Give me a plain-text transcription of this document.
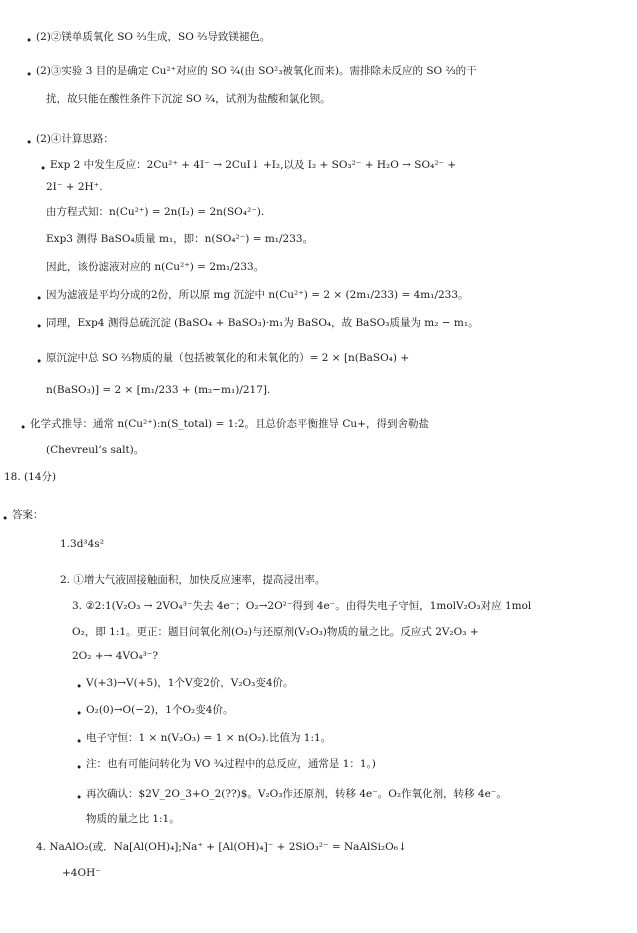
• (2)②镁单质氧化 SO ⅔生成，SO ⅔导致镁褪色。
• (2)③实验 3 目的是确定 Cu²⁺对应的 SO ²⁄₄(由 SO²₃被氧化而来)。需排除未反应的 SO ⅔的干
扰，故只能在酸性条件下沉淀 SO ²⁄₄，试剂为盐酸和氯化钡。
• (2)④计算思路：
• Exp 2 中发生反应：2Cu²⁺ + 4I⁻ → 2CuI↓ +I₂,以及 I₂ + SO₃²⁻ + H₂O → SO₄²⁻ +
2I⁻ + 2H⁺.
由方程式知：n(Cu²⁺) = 2n(I₂) = 2n(SO₄²⁻).
Exp3 测得 BaSO₄质量 m₁，即：n(SO₄²⁻) = m₁/233。
因此，该份滤液对应的 n(Cu²⁺) = 2m₁/233。
• 因为滤液是平均分成的2份，所以原 mg 沉淀中 n(Cu²⁺) = 2 × (2m₁/233) = 4m₁/233。
• 同理，Exp4 测得总硫沉淀 (BaSO₄ + BaSO₃)·m₁为 BaSO₄，故 BaSO₃质量为 m₂ − m₁。
• 原沉淀中总 SO ⅔物质的量（包括被氧化的和未氧化的）= 2 × [n(BaSO₄) +
n(BaSO₃)] = 2 × [m₁/233 + (m₂−m₁)/217].
• 化学式推导：通常 n(Cu²⁺):n(S_total) = 1:2。且总价态平衡推导 Cu+，得到舍勒盐
(Chevreul’s salt)。
18. (14分)
• 答案：
1.3d³4s²
2. ①增大气液固接触面积，加快反应速率，提高浸出率。
3. ②2:1(V₂O₃ → 2VO₄³⁻失去 4e⁻；O₂→2O²⁻得到 4e⁻。由得失电子守恒，1molV₂O₃对应 1mol
O₂，即 1:1。更正：题目问氧化剂(O₂)与还原剂(V₂O₃)物质的量之比。反应式 2V₂O₃ +
2O₂ +→ 4VO₄³⁻?
• V(+3)→V(+5)，1个V变2价，V₂O₃变4价。
• O₂(0)→O(−2)，1个O₂变4价。
• 电子守恒：1 × n(V₂O₃) = 1 × n(O₂).比值为 1:1。
• 注：也有可能问转化为 VO ³⁄₄过程中的总反应，通常是 1：1。)
• 再次确认：$2V_2O_3+O_2(??)$。V₂O₃作还原剂，转移 4e⁻。O₂作氧化剂，转移 4e⁻。
物质的量之比 1:1。
4. NaAlO₂(或．Na[Al(OH)₄];Na⁺ + [Al(OH)₄]⁻ + 2SiO₃²⁻ = NaAlSi₂O₆↓
+4OH⁻
